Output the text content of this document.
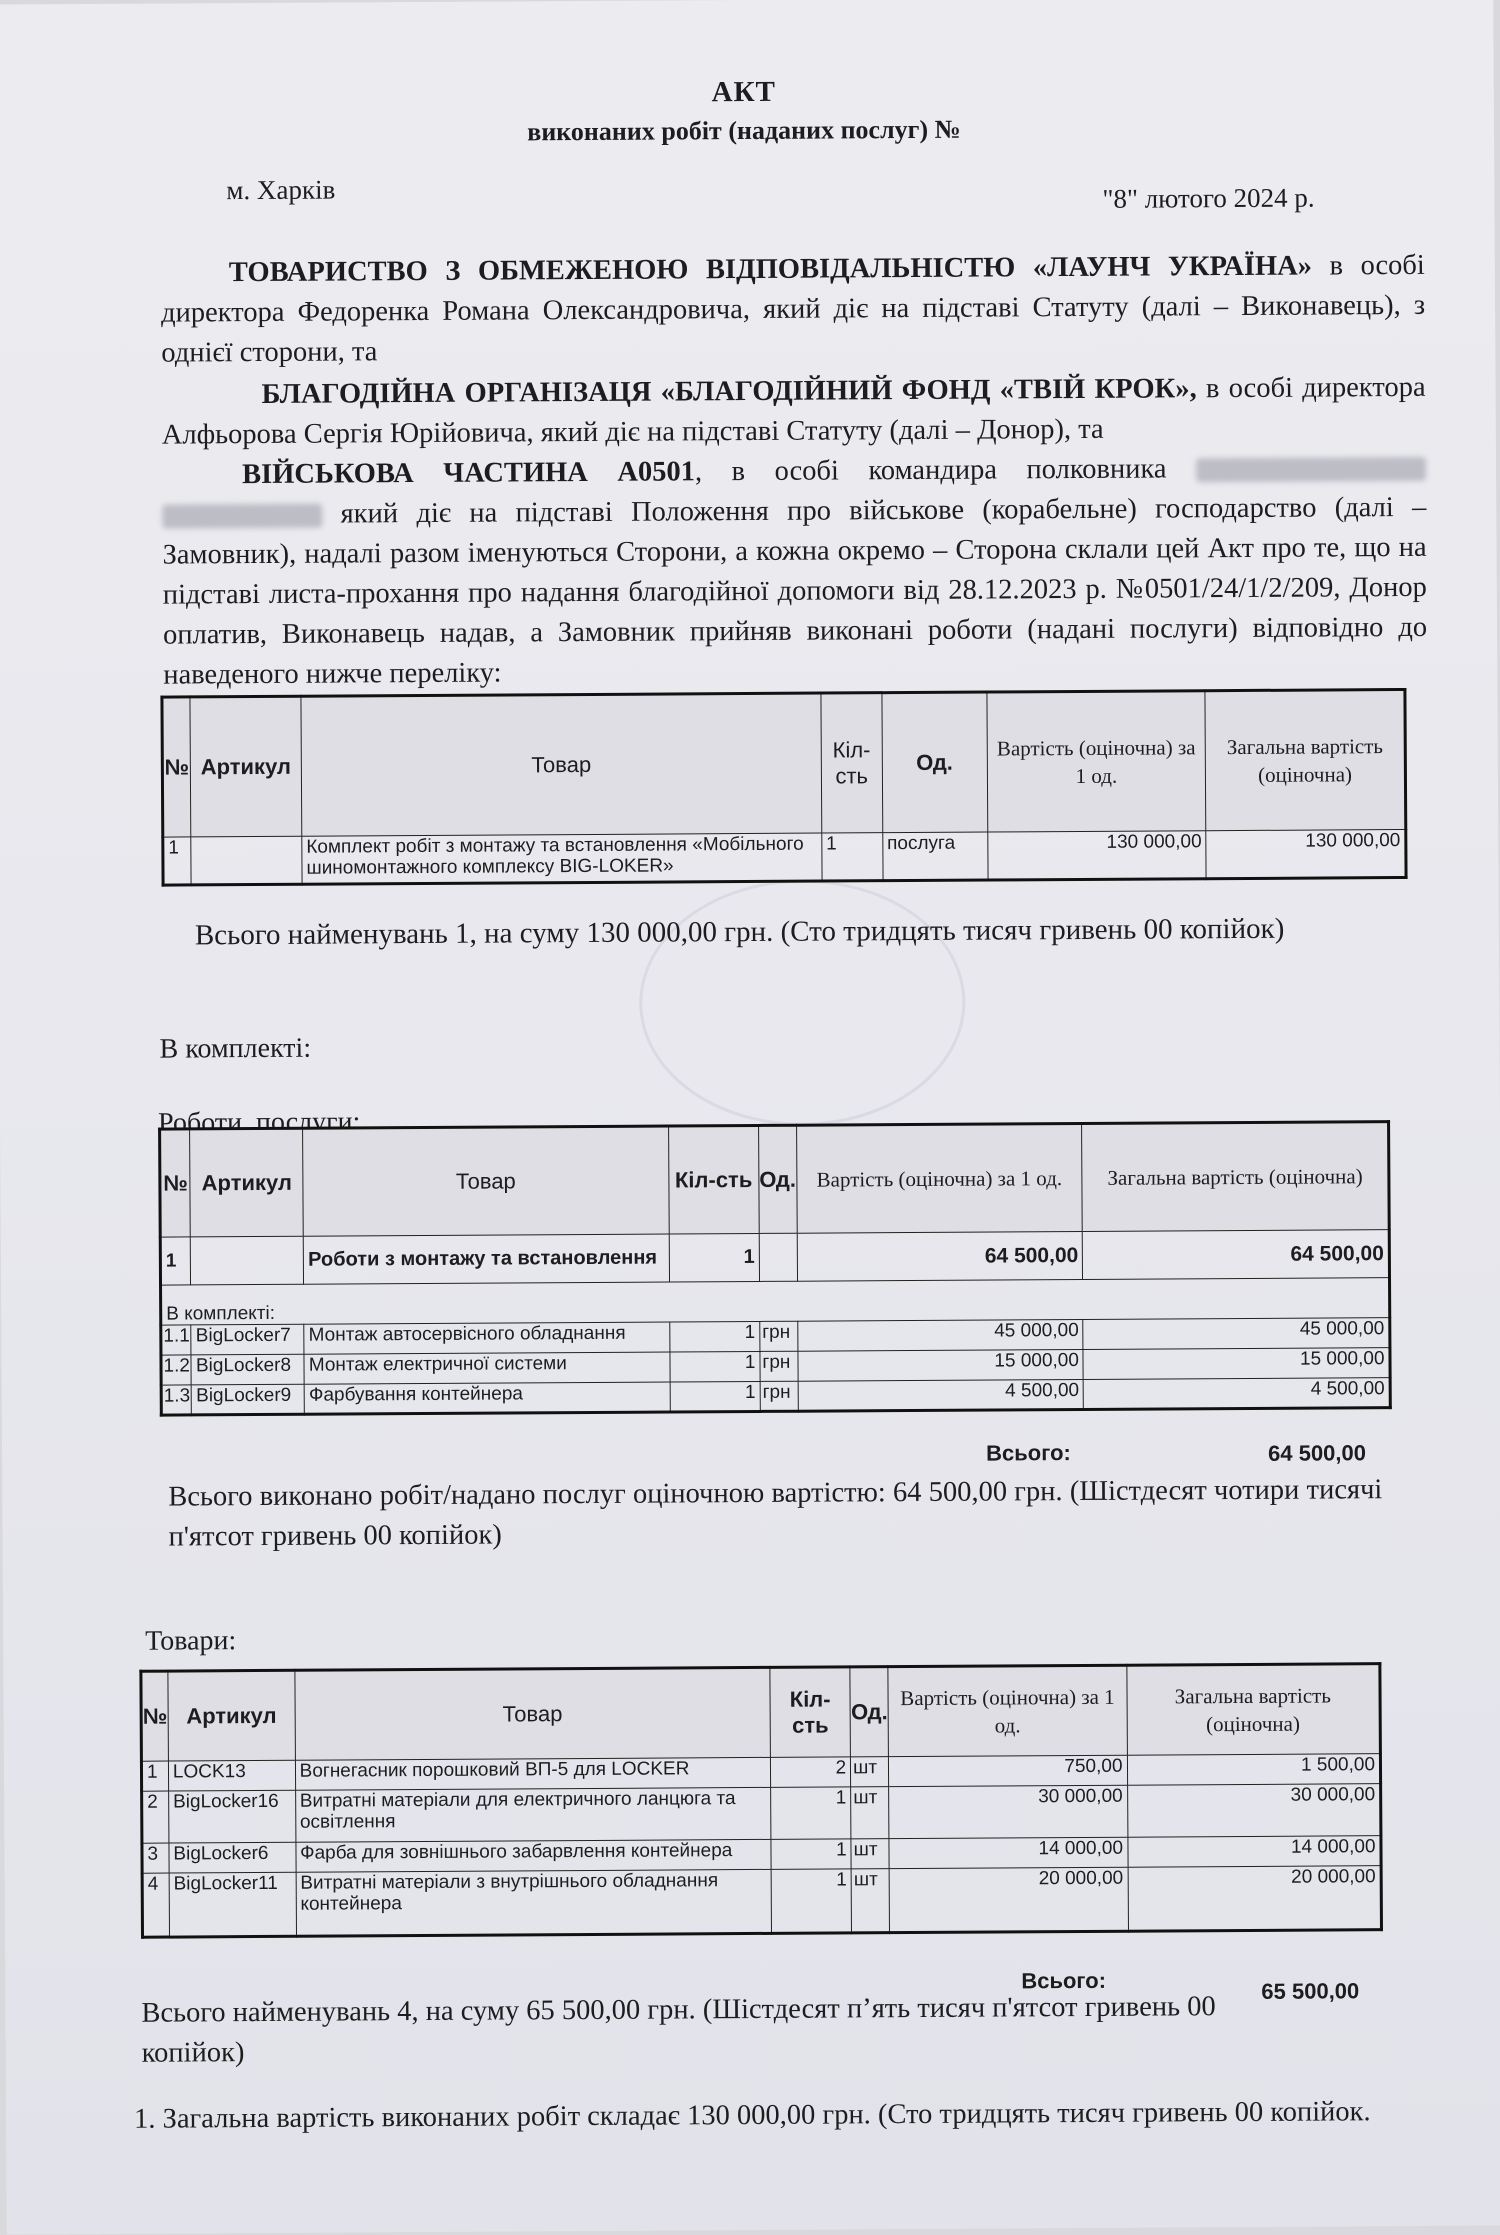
АКТ
виконаних робіт (наданих послуг) №
м. Харків	"8" лютого 2024 р.
ТОВАРИСТВО З ОБМЕЖЕНОЮ ВІДПОВІДАЛЬНІСТЮ «ЛАУНЧ УКРАЇНА» в особі директора Федоренка Романа Олександровича, який діє на підставі Статуту (далі – Виконавець), з однієї сторони, та
БЛАГОДІЙНА ОРГАНІЗАЦЯ «БЛАГОДІЙНИЙ ФОНД «ТВІЙ КРОК», в особі директора Алфьорова Сергія Юрійовича, який діє на підставі Статуту (далі – Донор), та
ВІЙСЬКОВА ЧАСТИНА А0501, в особі командира полковника   який діє на підставі Положення про військове (корабельне) господарство (далі – Замовник), надалі разом іменуються Сторони, а кожна окремо – Сторона склали цей Акт про те, що на підставі листа-прохання про надання благодійної допомоги від 28.12.2023 р. №0501/24/1/2/209, Донор оплатив, Виконавець надав, а Замовник прийняв виконані роботи (надані послуги) відповідно до наведеного нижче переліку:
№	Артикул	Товар	Кіл-сть	Од.	Вартість (оціночна) за 1 од.	Загальна вартість (оціночна)
1		Комплект робіт з монтажу та встановлення «Мобільного шиномонтажного комплексу BIG-LOKER»	1	послуга	130 000,00	130 000,00
Всього найменувань 1, на суму 130 000,00 грн. (Сто тридцять тисяч гривень 00 копійок)
В комплекті:
Роботи, послуги:
№	Артикул	Товар	Кіл-сть	Од.	Вартість (оціночна) за 1 од.	Загальна вартість (оціночна)
1		Роботи з монтажу та встановлення	1		64 500,00	64 500,00
В комплекті:						
1.1	BigLocker7	Монтаж автосервісного обладнання	1	грн	45 000,00	45 000,00
1.2	BigLocker8	Монтаж електричної системи	1	грн	15 000,00	15 000,00
1.3	BigLocker9	Фарбування контейнера	1	грн	4 500,00	4 500,00
Всього:	64 500,00
Всього виконано робіт/надано послуг оціночною вартістю: 64 500,00 грн. (Шістдесят чотири тисячі п'ятсот гривень 00 копійок)
Товари:
№	Артикул	Товар	Кіл-сть	Од.	Вартість (оціночна) за 1 од.	Загальна вартість (оціночна)
1	LOCK13	Вогнегасник порошковий ВП-5 для LOCKER	2	шт	750,00	1 500,00
2	BigLocker16	Витратні матеріали для електричного ланцюга та освітлення	1	шт	30 000,00	30 000,00
3	BigLocker6	Фарба для зовнішнього забарвлення контейнера	1	шт	14 000,00	14 000,00
4	BigLocker11	Витратні матеріали з внутрішнього обладнання контейнера	1	шт	20 000,00	20 000,00
Всього:	65 500,00
Всього найменувань 4, на суму 65 500,00 грн. (Шістдесят п’ять тисяч п'ятсот гривень 00 копійок)
1. Загальна вартість виконаних робіт складає 130 000,00 грн. (Сто тридцять тисяч гривень 00 копійок.
